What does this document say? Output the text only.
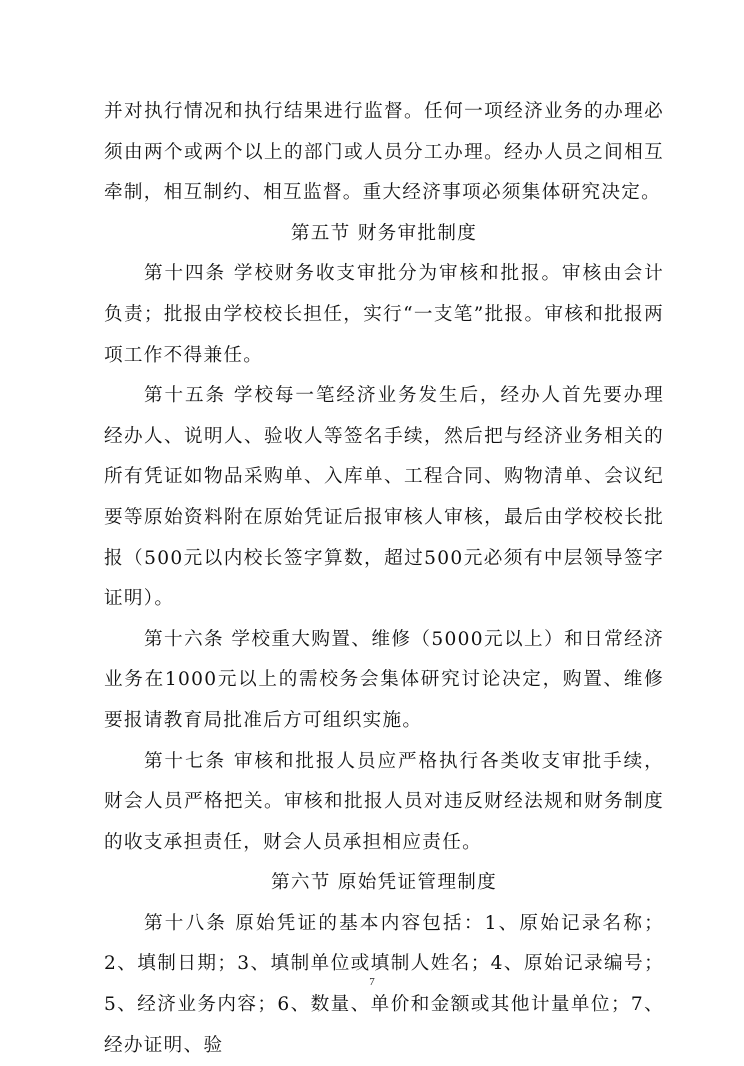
并对执行情况和执行结果进行监督。任何一项经济业务的办理必须由两个或两个以上的部门或人员分工办理。经办人员之间相互牵制，相互制约、相互监督。重大经济事项必须集体研究决定。

第五节 财务审批制度

第十四条 学校财务收支审批分为审核和批报。审核由会计负责；批报由学校校长担任，实行“一支笔”批报。审核和批报两项工作不得兼任。

第十五条 学校每一笔经济业务发生后，经办人首先要办理经办人、说明人、验收人等签名手续，然后把与经济业务相关的所有凭证如物品采购单、入库单、工程合同、购物清单、会议纪要等原始资料附在原始凭证后报审核人审核，最后由学校校长批报（500元以内校长签字算数，超过500元必须有中层领导签字证明）。

第十六条 学校重大购置、维修（5000元以上）和日常经济业务在1000元以上的需校务会集体研究讨论决定，购置、维修要报请教育局批准后方可组织实施。

第十七条 审核和批报人员应严格执行各类收支审批手续，财会人员严格把关。审核和批报人员对违反财经法规和财务制度的收支承担责任，财会人员承担相应责任。

第六节 原始凭证管理制度

第十八条 原始凭证的基本内容包括：1、原始记录名称；2、填制日期；3、填制单位或填制人姓名；4、原始记录编号；5、经济业务内容；6、数量、单价和金额或其他计量单位；7、经办证明、验

7
